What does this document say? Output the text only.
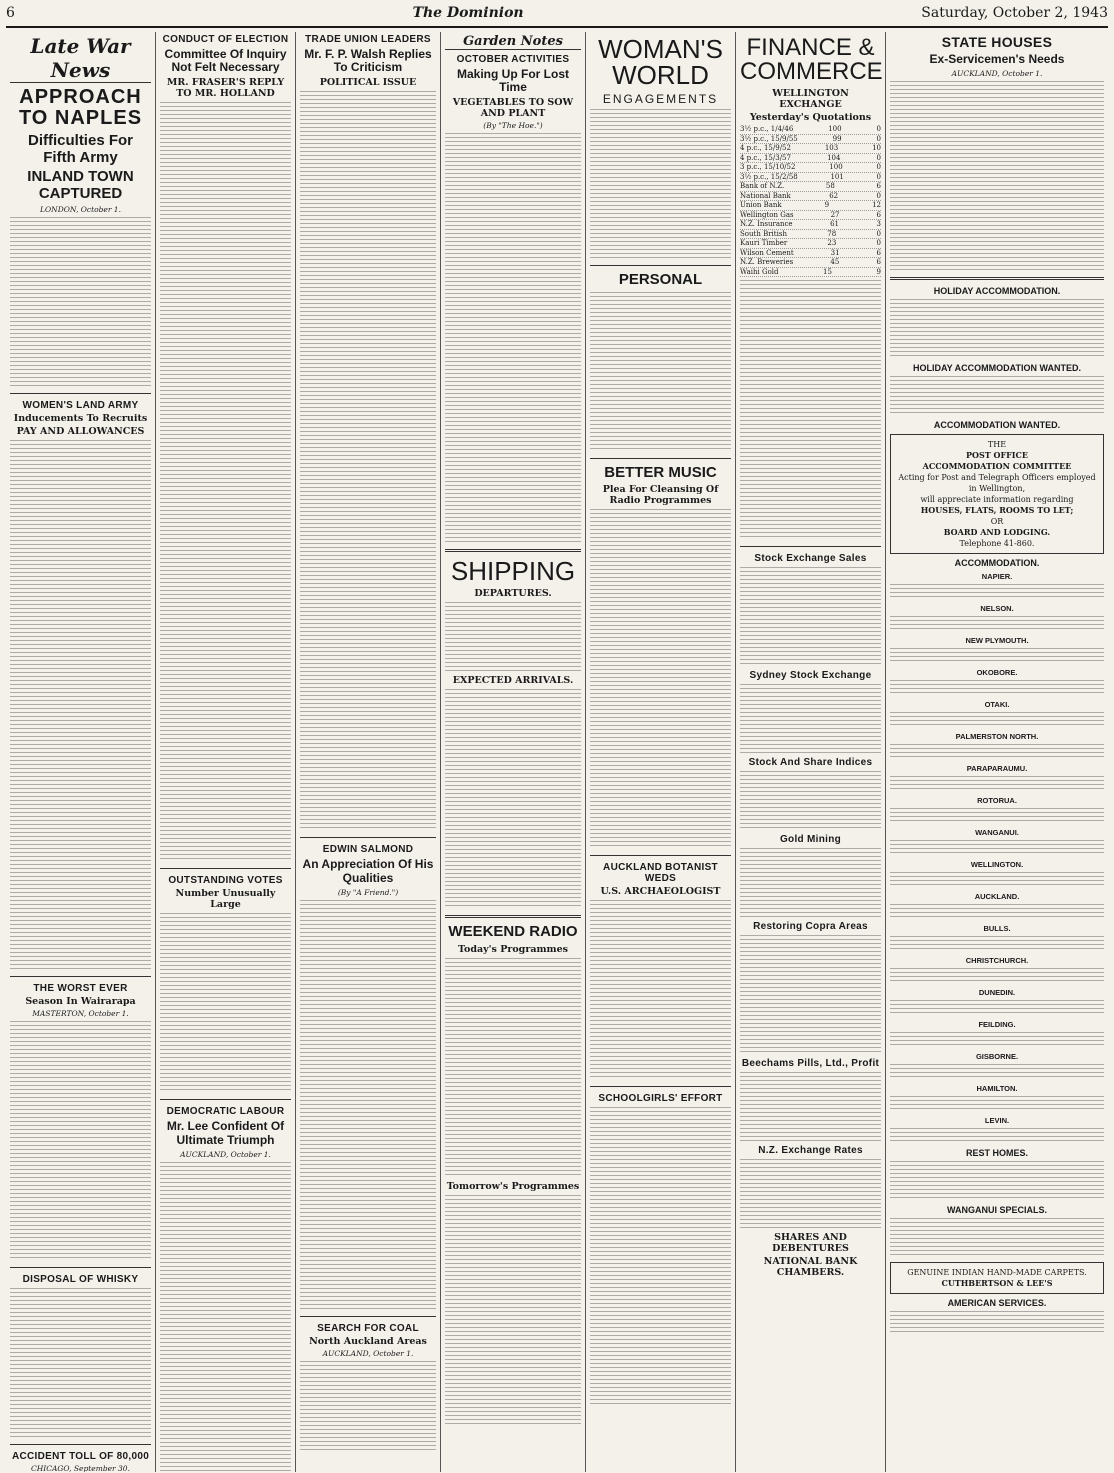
6	The Dominion	Saturday, October 2, 1943
Late War News
APPROACH TO NAPLES
Difficulties For Fifth Army
INLAND TOWN CAPTURED
LONDON, October 1.
WOMEN'S LAND ARMY
Inducements To Recruits
PAY AND ALLOWANCES
THE WORST EVER
Season In Wairarapa
MASTERTON, October 1.
DISPOSAL OF WHISKY
ACCIDENT TOLL OF 80,000
CHICAGO, September 30.
CONDUCT OF ELECTION
Committee Of Inquiry Not Felt Necessary
MR. FRASER'S REPLY TO MR. HOLLAND
OUTSTANDING VOTES
Number Unusually Large
DEMOCRATIC LABOUR
Mr. Lee Confident Of Ultimate Triumph
AUCKLAND, October 1.
TRADE UNION LEADERS
Mr. F. P. Walsh Replies To Criticism
POLITICAL ISSUE
EDWIN SALMOND
An Appreciation Of His Qualities
(By "A Friend.")
SEARCH FOR COAL
North Auckland Areas
AUCKLAND, October 1.
Garden Notes
OCTOBER ACTIVITIES
Making Up For Lost Time
VEGETABLES TO SOW AND PLANT
(By "The Hoe.")
SHIPPING
DEPARTURES.
EXPECTED ARRIVALS.
WEEKEND RADIO
Today's Programmes
Tomorrow's Programmes
WOMAN'S WORLD
ENGAGEMENTS
PERSONAL
BETTER MUSIC
Plea For Cleansing Of Radio Programmes
AUCKLAND BOTANIST WEDS
U.S. ARCHAEOLOGIST
SCHOOLGIRLS' EFFORT
FINANCE & COMMERCE
WELLINGTON EXCHANGE
Yesterday's Quotations
3½ p.c., 1/4/46	100	0
3½ p.c., 15/9/55	99	0
4 p.c., 15/9/52	103	10
4 p.c., 15/3/57	104	0
3 p.c., 15/10/52	100	0
3½ p.c., 15/2/58	101	0
Bank of N.Z.	58	6
National Bank	62	0
Union Bank	9	12
Wellington Gas	27	6
N.Z. Insurance	61	3
South British	78	0
Kauri Timber	23	0
Wilson Cement	31	6
N.Z. Breweries	45	6
Waihi Gold	15	9
Stock Exchange Sales
Sydney Stock Exchange
Stock And Share Indices
Gold Mining
Restoring Copra Areas
Beechams Pills, Ltd., Profit
N.Z. Exchange Rates
SHARES AND DEBENTURES
NATIONAL BANK CHAMBERS.
STATE HOUSES
Ex-Servicemen's Needs
AUCKLAND, October 1.
HOLIDAY ACCOMMODATION.
HOLIDAY ACCOMMODATION WANTED.
ACCOMMODATION WANTED.
THE
POST OFFICE
ACCOMMODATION COMMITTEE
Acting for Post and Telegraph Officers employed in Wellington,
will appreciate information regarding
HOUSES, FLATS, ROOMS TO LET;
OR
BOARD AND LODGING.
Telephone 41-860.
ACCOMMODATION.
NAPIER.
NELSON.
NEW PLYMOUTH.
OKOBORE.
OTAKI.
PALMERSTON NORTH.
PARAPARAUMU.
ROTORUA.
WANGANUI.
WELLINGTON.
AUCKLAND.
BULLS.
CHRISTCHURCH.
DUNEDIN.
FEILDING.
GISBORNE.
HAMILTON.
LEVIN.
REST HOMES.
WANGANUI SPECIALS.
GENUINE INDIAN HAND-MADE CARPETS.
CUTHBERTSON & LEE'S
AMERICAN SERVICES.
